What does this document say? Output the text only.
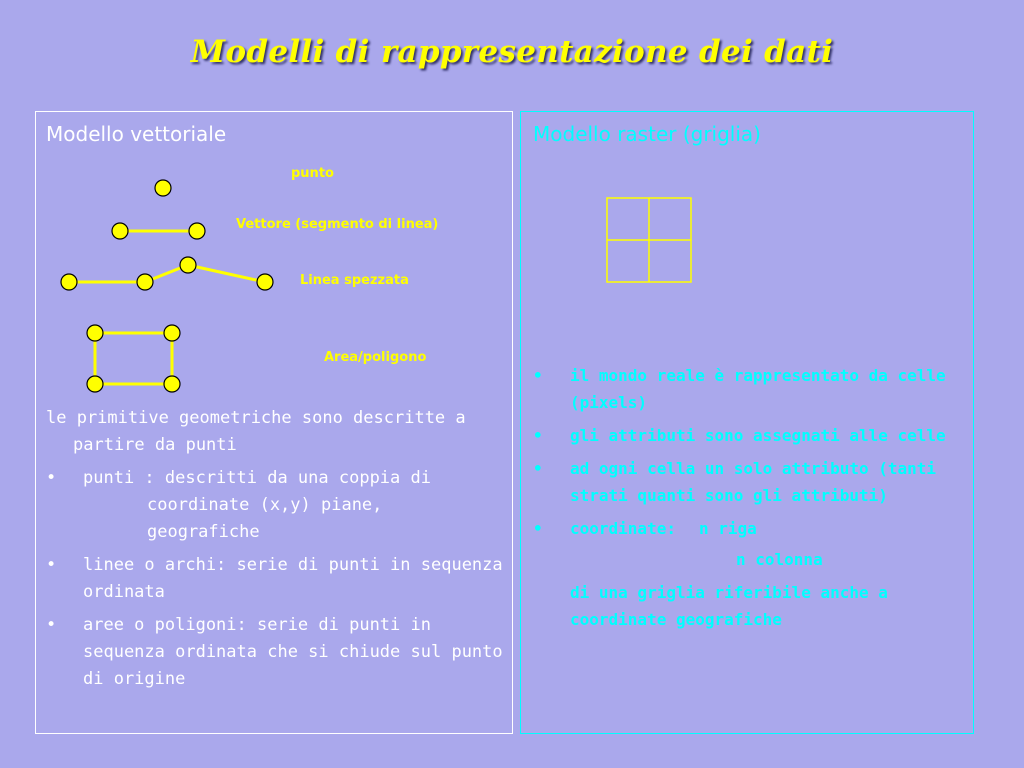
Modelli di rappresentazione dei dati
Modello vettoriale
punto
Vettore (segmento di linea)
Linea spezzata
Area/poligono
le primitive geometriche sono descritte a partire da punti
• punti : descritti da una coppia di
coordinate (x,y) piane,
geografiche
• linee o archi: serie di punti in sequenza ordinata
• aree o poligoni: serie di punti in sequenza ordinata che si chiude sul punto di origine
Modello raster (griglia)
• il mondo reale è rappresentato da celle (pixels)
• gli attributi sono assegnati alle celle
• ad ogni cella un solo attributo (tanti strati quanti sono gli attributi)
• coordinate: n riga
n colonna
di una griglia riferibile anche a coordinate geografiche
